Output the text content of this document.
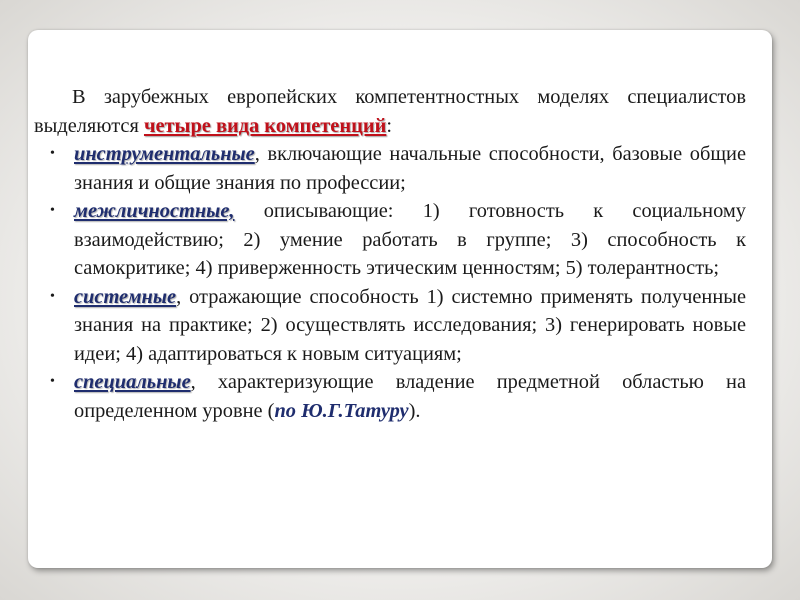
В зарубежных европейских компетентностных моделях специалистов выделяются четыре вида компетенций:

• инструментальные, включающие начальные способности, базовые общие знания и общие знания по профессии;
• межличностные, описывающие: 1) готовность к социальному взаимодействию; 2) умение работать в группе; 3) способность к самокритике; 4) приверженность этическим ценностям; 5) толерантность;
• системные, отражающие способность 1) системно применять полученные знания на практике; 2) осуществлять исследования; 3) генерировать новые идеи; 4) адаптироваться к новым ситуациям;
• специальные, характеризующие владение предметной областью на определенном уровне (по Ю.Г.Татуру).
